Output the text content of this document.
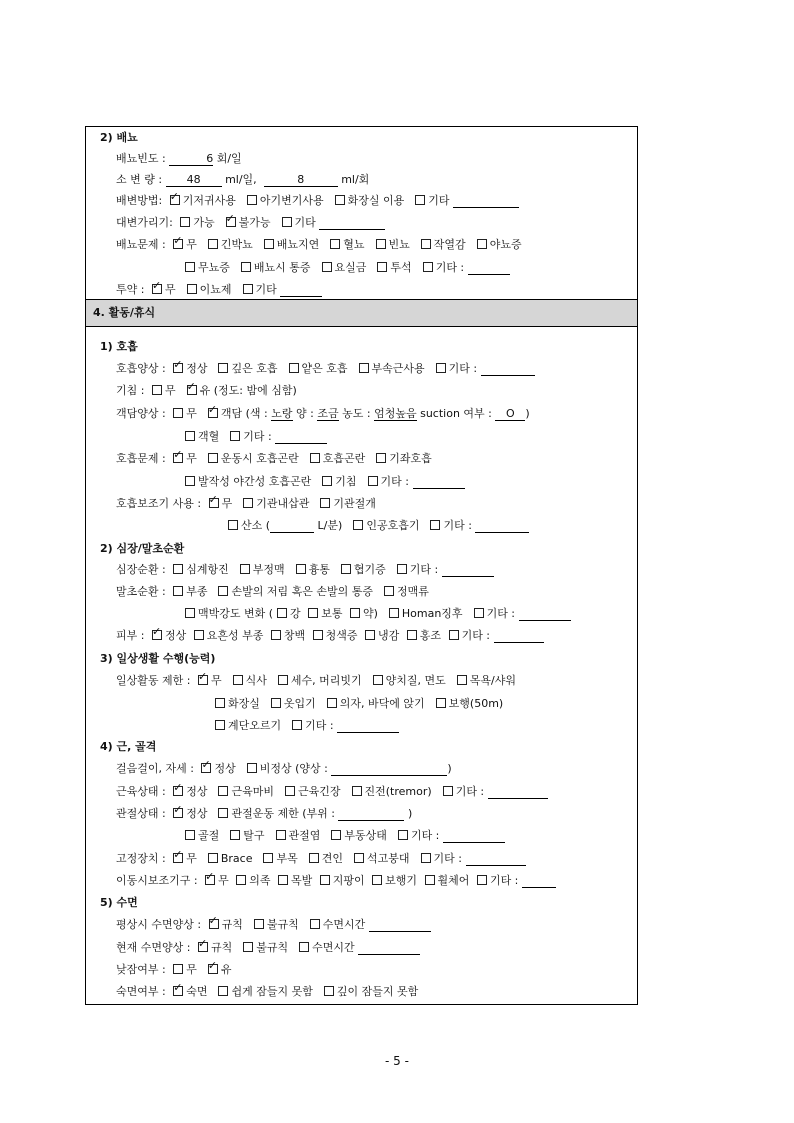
2) 배뇨
배뇨빈도 :	6 회/일
소 변 량 : 48 ml/일,	8	ml/회
배변방법: ✓ 기저귀사용 아기변기사용 화장실 이용 기타
대변가리기: 가능 ✓ 불가능 기타
배뇨문제 : ✓ 무 긴박뇨 배뇨지연 혈뇨 빈뇨 작열감 야뇨증
무뇨증 배뇨시 통증 요실금 투석 기타 :
투약 : ✓ 무 이뇨제 기타
4. 활동/휴식
1) 호흡
호흡양상 : ✓ 정상 깊은 호흡 얕은 호흡 부속근사용 기타 :
기침 : 무 ✓ 유 (정도: 밤에 심함)
객담양상 : 무 ✓ 객담 (색 : 노랑 양 : 조금 농도 : 엄청높음 suction 여부 : O )
객혈 기타 :
호흡문제 : ✓ 무 운동시 호흡곤란 호흡곤란 기좌호흡
발작성 야간성 호흡곤란 기침 기타 :
호흡보조기 사용 : ✓ 무 기관내삽관 기관절개
산소 (	L/분) 인공호흡기 기타 :
2) 심장/말초순환
심장순환 : 심계항진 부정맥 흉통 협기증 기타 :
말초순환 : 부종 손발의 저림 혹은 손발의 통증 정맥류
맥박강도 변화 ( 강 보통 약) Homan징후 기타 :
피부 : ✓ 정상 요흔성 부종 창백 청색증 냉감 홍조 기타 :
3) 일상생활 수행(능력)
일상활동 제한 : ✓ 무 식사 세수, 머리빗기 양치질, 면도 목욕/샤워
화장실 옷입기 의자, 바닥에 앉기 보행(50m)
계단오르기 기타 :
4) 근, 골격
걸음걸이, 자세 : ✓ 정상 비정상 (양상 :	)
근육상태 : ✓ 정상 근육마비 근육긴장 진전(tremor) 기타 :
관절상태 : ✓ 정상 관절운동 제한 (부위 :	)
골절 탈구 관절염 부동상태 기타 :
고정장치 : ✓ 무 Brace 부목 견인 석고붕대 기타 :
이동시보조기구 : ✓ 무 의족 목발 지팡이 보행기 휠체어 기타 :
5) 수면
평상시 수면양상 : ✓ 규칙 불규칙 수면시간
현재 수면양상 : ✓ 규칙 불규칙 수면시간
낮잠여부 : 무 ✓ 유
숙면여부 : ✓ 숙면 쉽게 잠들지 못함 깊이 잠들지 못함
- 5 -
